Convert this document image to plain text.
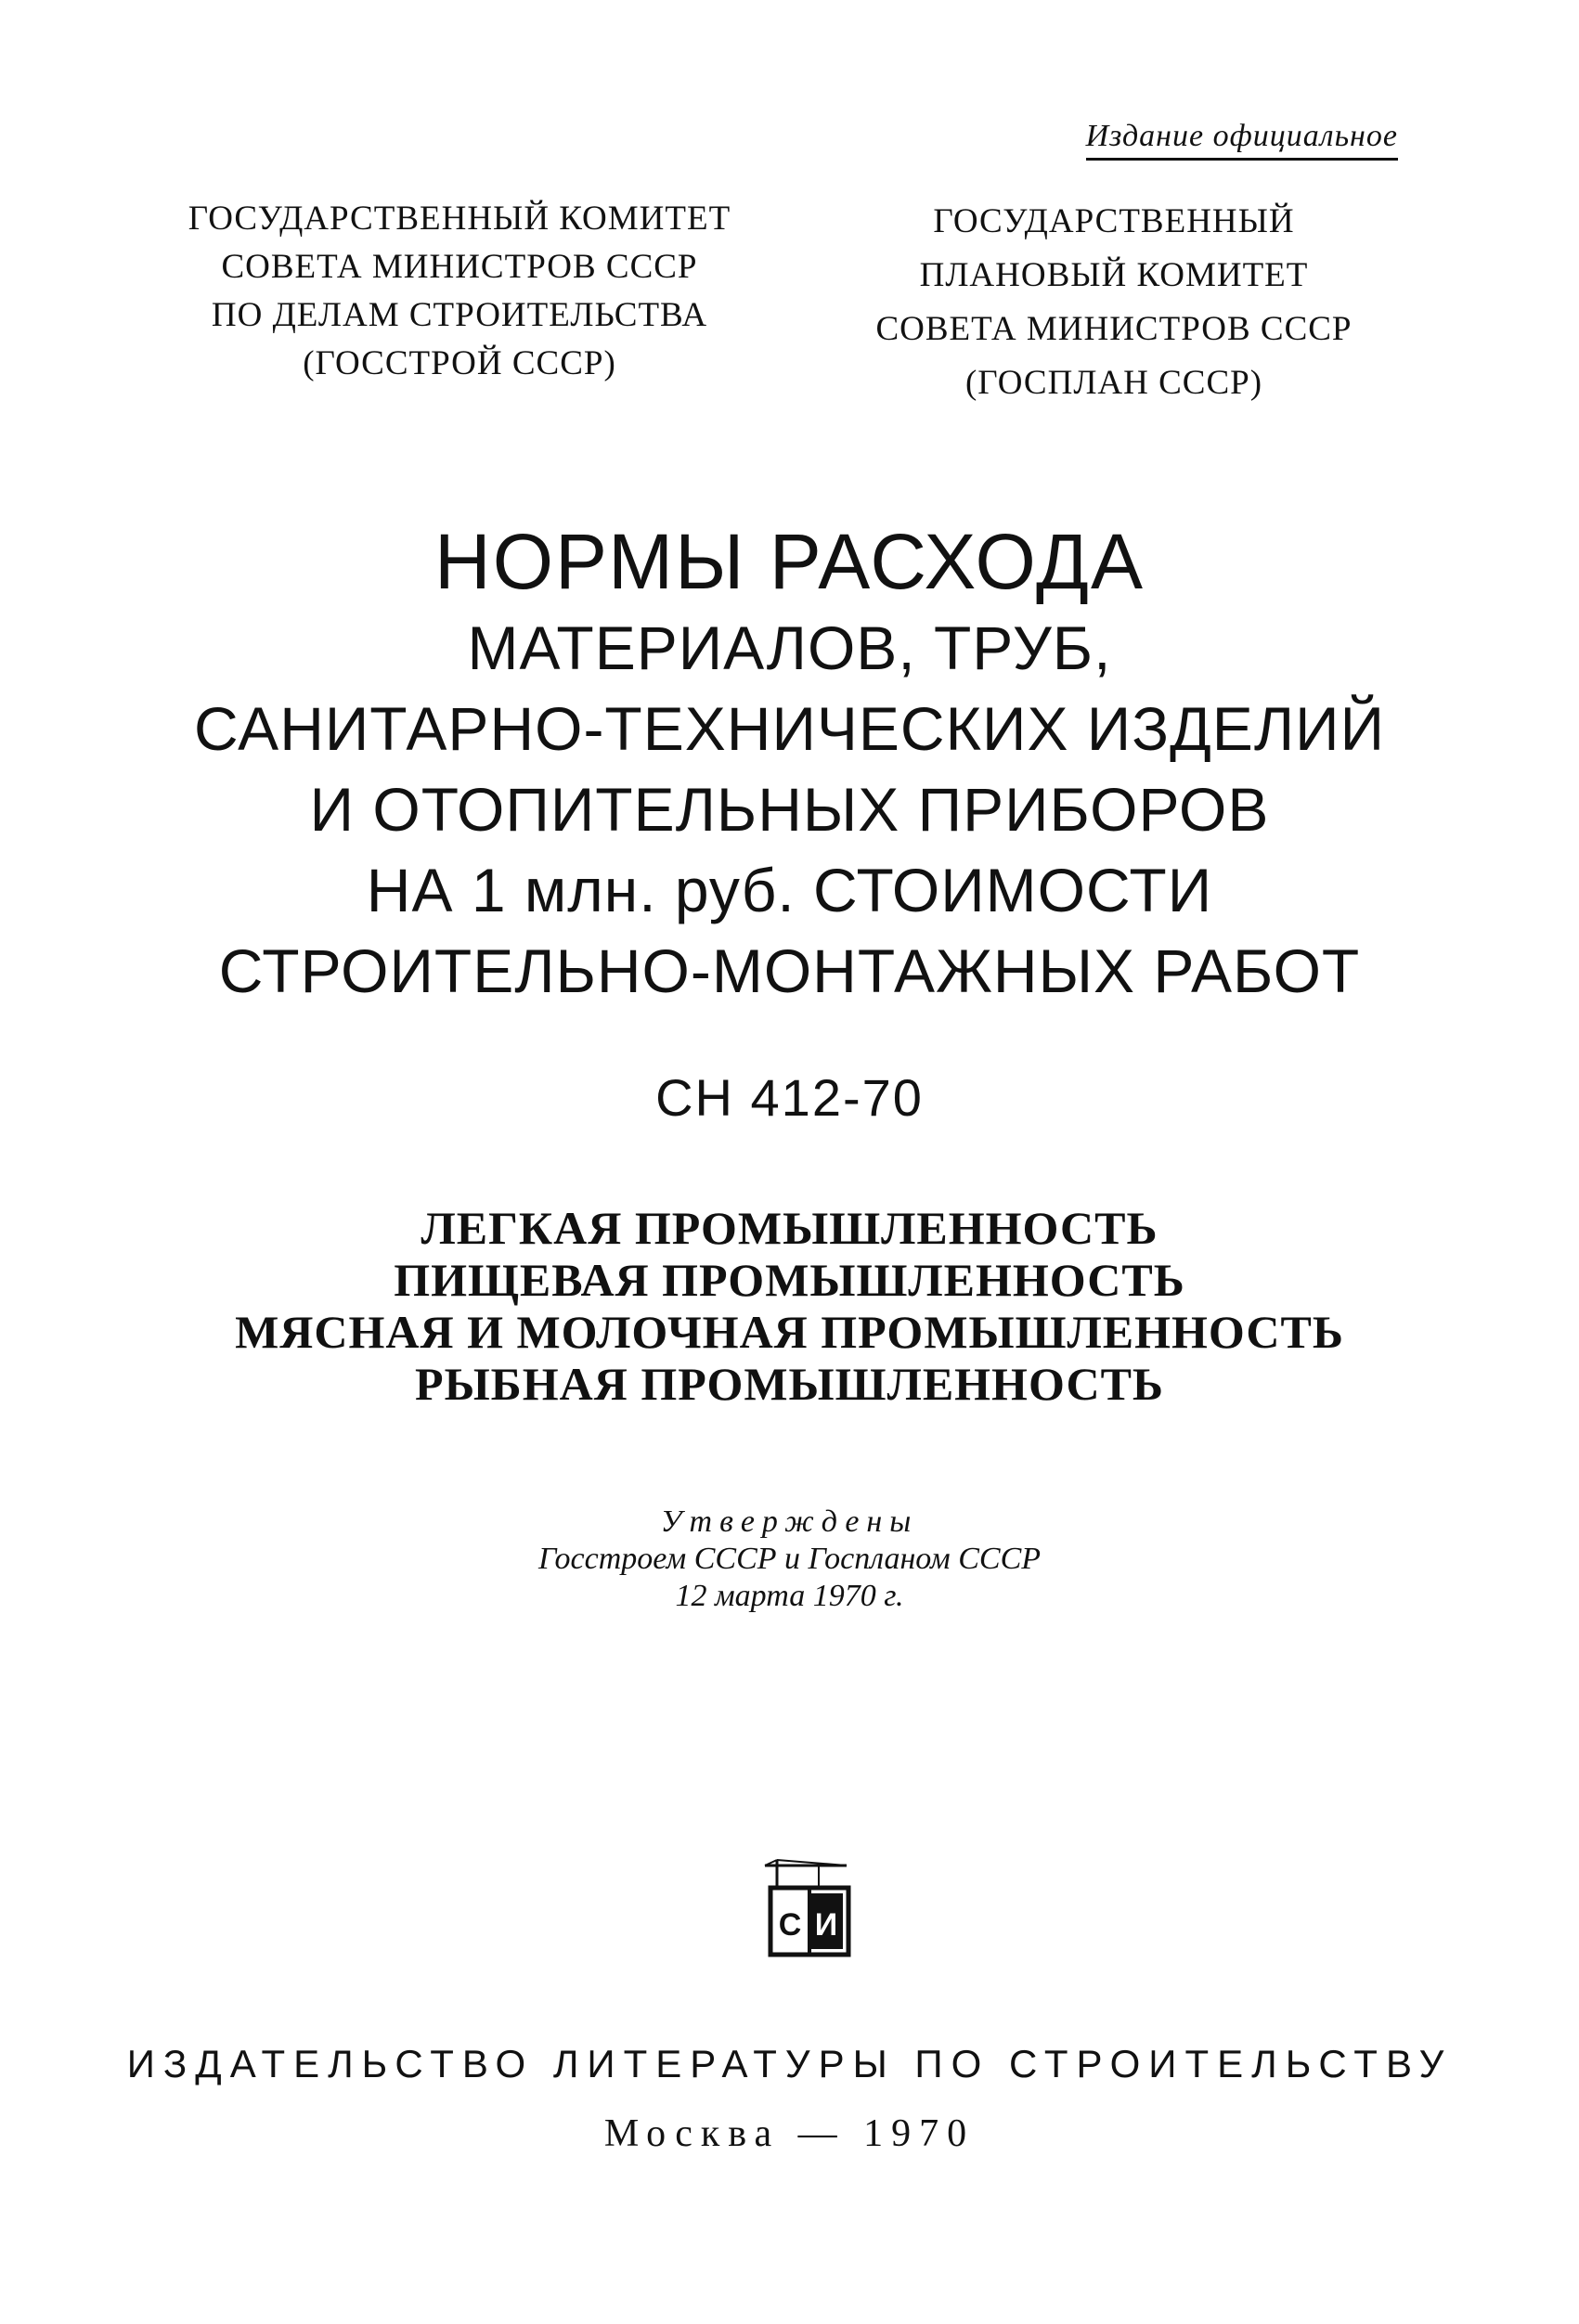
Издание официальное
ГОСУДАРСТВЕННЫЙ КОМИТЕТ
СОВЕТА МИНИСТРОВ СССР
ПО ДЕЛАМ СТРОИТЕЛЬСТВА
(ГОССТРОЙ СССР)
ГОСУДАРСТВЕННЫЙ
ПЛАНОВЫЙ КОМИТЕТ
СОВЕТА МИНИСТРОВ СССР
(ГОСПЛАН СССР)
НОРМЫ РАСХОДА
МАТЕРИАЛОВ, ТРУБ,
САНИТАРНО-ТЕХНИЧЕСКИХ ИЗДЕЛИЙ
И ОТОПИТЕЛЬНЫХ ПРИБОРОВ
НА 1 млн. руб. СТОИМОСТИ
СТРОИТЕЛЬНО-МОНТАЖНЫХ РАБОТ
СН 412-70
ЛЕГКАЯ ПРОМЫШЛЕННОСТЬ
ПИЩЕВАЯ ПРОМЫШЛЕННОСТЬ
МЯСНАЯ И МОЛОЧНАЯ ПРОМЫШЛЕННОСТЬ
РЫБНАЯ ПРОМЫШЛЕННОСТЬ
Утверждены
Госстроем СССР и Госпланом СССР
12 марта 1970 г.
С И
ИЗДАТЕЛЬСТВО ЛИТЕРАТУРЫ ПО СТРОИТЕЛЬСТВУ
Москва — 1970
